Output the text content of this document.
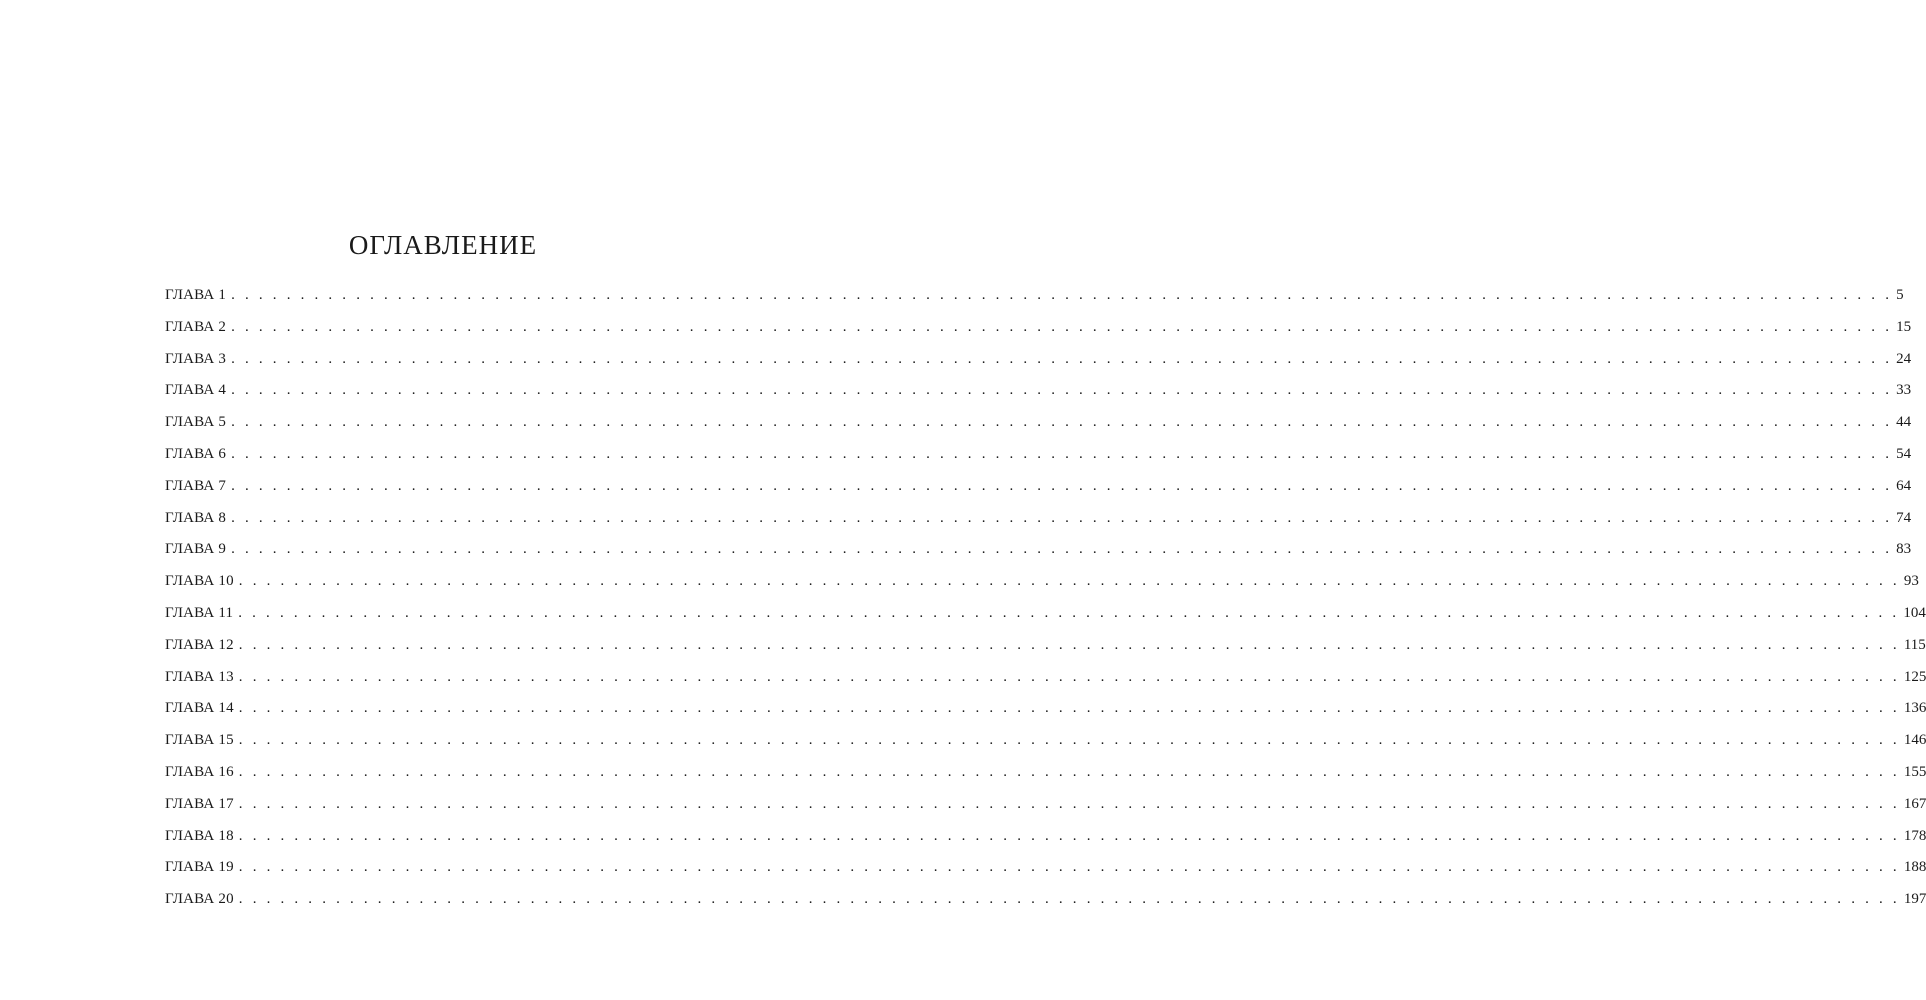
ОГЛАВЛЕНИЕ
ГЛАВА 1 . . . . . . . . . . . . . . . . . . . . . . . . . . . . . . . . . . . . . . . . . . . . . . . . . . . . . . . . . . . . . . . . . . . . . . . . . . . . . . . . . . . . . . . . . . . . . . . . . . . . . . . . . . . . . . . . . . . . . . . . 5
ГЛАВА 2 . . . . . . . . . . . . . . . . . . . . . . . . . . . . . . . . . . . . . . . . . . . . . . . . . . . . . . . . . . . . . . . . . . . . . . . . . . . . . . . . . . . . . . . . . . . . . . . . . . . . . . . . . . . . . . . . . . . . . . . . 15
ГЛАВА 3 . . . . . . . . . . . . . . . . . . . . . . . . . . . . . . . . . . . . . . . . . . . . . . . . . . . . . . . . . . . . . . . . . . . . . . . . . . . . . . . . . . . . . . . . . . . . . . . . . . . . . . . . . . . . . . . . . . . . . . . . 24
ГЛАВА 4 . . . . . . . . . . . . . . . . . . . . . . . . . . . . . . . . . . . . . . . . . . . . . . . . . . . . . . . . . . . . . . . . . . . . . . . . . . . . . . . . . . . . . . . . . . . . . . . . . . . . . . . . . . . . . . . . . . . . . . . . 33
ГЛАВА 5 . . . . . . . . . . . . . . . . . . . . . . . . . . . . . . . . . . . . . . . . . . . . . . . . . . . . . . . . . . . . . . . . . . . . . . . . . . . . . . . . . . . . . . . . . . . . . . . . . . . . . . . . . . . . . . . . . . . . . . . . 44
ГЛАВА 6 . . . . . . . . . . . . . . . . . . . . . . . . . . . . . . . . . . . . . . . . . . . . . . . . . . . . . . . . . . . . . . . . . . . . . . . . . . . . . . . . . . . . . . . . . . . . . . . . . . . . . . . . . . . . . . . . . . . . . . . . 54
ГЛАВА 7 . . . . . . . . . . . . . . . . . . . . . . . . . . . . . . . . . . . . . . . . . . . . . . . . . . . . . . . . . . . . . . . . . . . . . . . . . . . . . . . . . . . . . . . . . . . . . . . . . . . . . . . . . . . . . . . . . . . . . . . . 64
ГЛАВА 8 . . . . . . . . . . . . . . . . . . . . . . . . . . . . . . . . . . . . . . . . . . . . . . . . . . . . . . . . . . . . . . . . . . . . . . . . . . . . . . . . . . . . . . . . . . . . . . . . . . . . . . . . . . . . . . . . . . . . . . . . 74
ГЛАВА 9 . . . . . . . . . . . . . . . . . . . . . . . . . . . . . . . . . . . . . . . . . . . . . . . . . . . . . . . . . . . . . . . . . . . . . . . . . . . . . . . . . . . . . . . . . . . . . . . . . . . . . . . . . . . . . . . . . . . . . . . . 83
ГЛАВА 10 . . . . . . . . . . . . . . . . . . . . . . . . . . . . . . . . . . . . . . . . . . . . . . . . . . . . . . . . . . . . . . . . . . . . . . . . . . . . . . . . . . . . . . . . . . . . . . . . . . . . . . . . . . . . . . . . . . . . . . . . 93
ГЛАВА 11 . . . . . . . . . . . . . . . . . . . . . . . . . . . . . . . . . . . . . . . . . . . . . . . . . . . . . . . . . . . . . . . . . . . . . . . . . . . . . . . . . . . . . . . . . . . . . . . . . . . . . . . . . . . . . . . . . . . . . . . . 104
ГЛАВА 12 . . . . . . . . . . . . . . . . . . . . . . . . . . . . . . . . . . . . . . . . . . . . . . . . . . . . . . . . . . . . . . . . . . . . . . . . . . . . . . . . . . . . . . . . . . . . . . . . . . . . . . . . . . . . . . . . . . . . . . . . 115
ГЛАВА 13 . . . . . . . . . . . . . . . . . . . . . . . . . . . . . . . . . . . . . . . . . . . . . . . . . . . . . . . . . . . . . . . . . . . . . . . . . . . . . . . . . . . . . . . . . . . . . . . . . . . . . . . . . . . . . . . . . . . . . . . . 125
ГЛАВА 14 . . . . . . . . . . . . . . . . . . . . . . . . . . . . . . . . . . . . . . . . . . . . . . . . . . . . . . . . . . . . . . . . . . . . . . . . . . . . . . . . . . . . . . . . . . . . . . . . . . . . . . . . . . . . . . . . . . . . . . . . 136
ГЛАВА 15 . . . . . . . . . . . . . . . . . . . . . . . . . . . . . . . . . . . . . . . . . . . . . . . . . . . . . . . . . . . . . . . . . . . . . . . . . . . . . . . . . . . . . . . . . . . . . . . . . . . . . . . . . . . . . . . . . . . . . . . . 146
ГЛАВА 16 . . . . . . . . . . . . . . . . . . . . . . . . . . . . . . . . . . . . . . . . . . . . . . . . . . . . . . . . . . . . . . . . . . . . . . . . . . . . . . . . . . . . . . . . . . . . . . . . . . . . . . . . . . . . . . . . . . . . . . . . 155
ГЛАВА 17 . . . . . . . . . . . . . . . . . . . . . . . . . . . . . . . . . . . . . . . . . . . . . . . . . . . . . . . . . . . . . . . . . . . . . . . . . . . . . . . . . . . . . . . . . . . . . . . . . . . . . . . . . . . . . . . . . . . . . . . . 167
ГЛАВА 18 . . . . . . . . . . . . . . . . . . . . . . . . . . . . . . . . . . . . . . . . . . . . . . . . . . . . . . . . . . . . . . . . . . . . . . . . . . . . . . . . . . . . . . . . . . . . . . . . . . . . . . . . . . . . . . . . . . . . . . . . 178
ГЛАВА 19 . . . . . . . . . . . . . . . . . . . . . . . . . . . . . . . . . . . . . . . . . . . . . . . . . . . . . . . . . . . . . . . . . . . . . . . . . . . . . . . . . . . . . . . . . . . . . . . . . . . . . . . . . . . . . . . . . . . . . . . . 188
ГЛАВА 20 . . . . . . . . . . . . . . . . . . . . . . . . . . . . . . . . . . . . . . . . . . . . . . . . . . . . . . . . . . . . . . . . . . . . . . . . . . . . . . . . . . . . . . . . . . . . . . . . . . . . . . . . . . . . . . . . . . . . . . . . 197
